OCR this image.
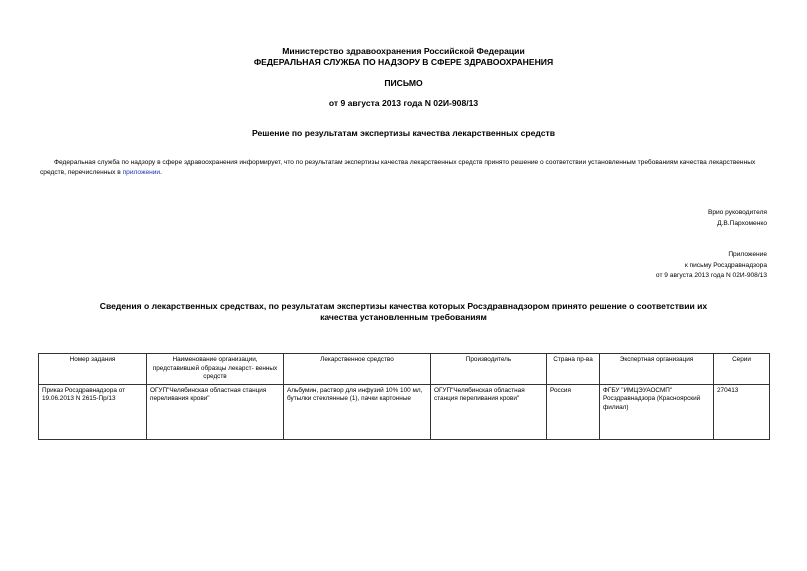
Министерство здравоохранения Российской Федерации
ФЕДЕРАЛЬНАЯ СЛУЖБА ПО НАДЗОРУ В СФЕРЕ ЗДРАВООХРАНЕНИЯ
ПИСЬМО
от 9 августа 2013 года N 02И-908/13
Решение по результатам экспертизы качества лекарственных средств
Федеральная служба по надзору в сфере здравоохранения информирует, что по результатам экспертизы качества лекарственных средств принято решение о соответствии установленным требованиям качества лекарственных средств, перечисленных в приложении.
Врио руководителя
Д.В.Пархоменко
Приложение
к письму Росздравнадзора
от 9 августа 2013 года N 02И-908/13
Сведения о лекарственных средствах, по результатам экспертизы качества которых Росздравнадзором принято решение о соответствии их качества установленным требованиям
Номер задания	Наименование организации, представившей образцы лекарст- венных средств	Лекарственное средство	Производитель	Страна пр-ва	Экспертная организация	Серии
Приказ Росздравнадзора от 19.06.2013 N 2615-Пр/13	ОГУП"Челябинская областная станция переливания крови"	Альбумин, раствор для инфузий 10% 100 мл, бутылки стеклянные (1), пачки картонные	ОГУП"Челябинская областная станция переливания крови"	Россия	ФГБУ "ИМЦЭУАОСМП" Росздравнадзора (Красноярский филиал)	270413
